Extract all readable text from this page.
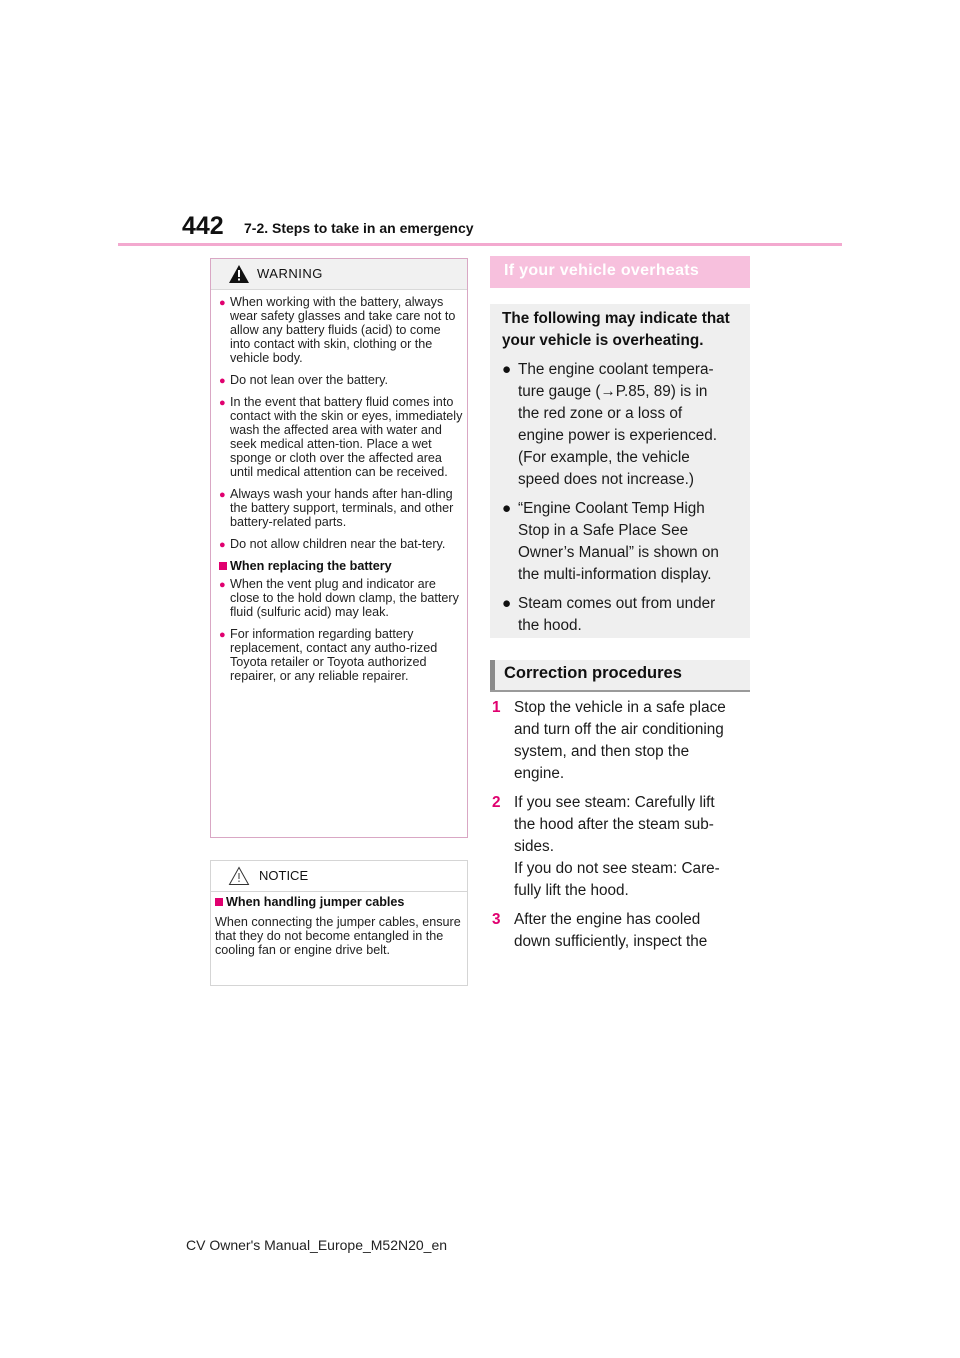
442 7-2. Steps to take in an emergency
WARNING
● When working with the battery, always wear safety glasses and take care not to allow any battery fluids (acid) to come into contact with skin, clothing or the vehicle body.
● Do not lean over the battery.
● In the event that battery fluid comes into contact with the skin or eyes, immediately wash the affected area with water and seek medical atten-tion. Place a wet sponge or cloth over the affected area until medical attention can be received.
● Always wash your hands after han-dling the battery support, terminals, and other battery-related parts.
● Do not allow children near the bat-tery.
When replacing the battery
● When the vent plug and indicator are close to the hold down clamp, the battery fluid (sulfuric acid) may leak.
● For information regarding battery replacement, contact any autho-rized Toyota retailer or Toyota authorized repairer, or any reliable repairer.
NOTICE
When handling jumper cables
When connecting the jumper cables, ensure that they do not become entangled in the cooling fan or engine drive belt.
If your vehicle overheats
The following may indicate that
your vehicle is overheating.
● The engine coolant tempera-
ture gauge (→P.85, 89) is in
the red zone or a loss of
engine power is experienced.
(For example, the vehicle
speed does not increase.)
● “Engine Coolant Temp High
Stop in a Safe Place See
Owner’s Manual” is shown on
the multi-information display.
● Steam comes out from under
the hood.
Correction procedures
1 Stop the vehicle in a safe place
and turn off the air conditioning
system, and then stop the
engine.
2 If you see steam: Carefully lift
the hood after the steam sub-
sides.
If you do not see steam: Care-
fully lift the hood.
3 After the engine has cooled
down sufficiently, inspect the
CV Owner's Manual_Europe_M52N20_en
